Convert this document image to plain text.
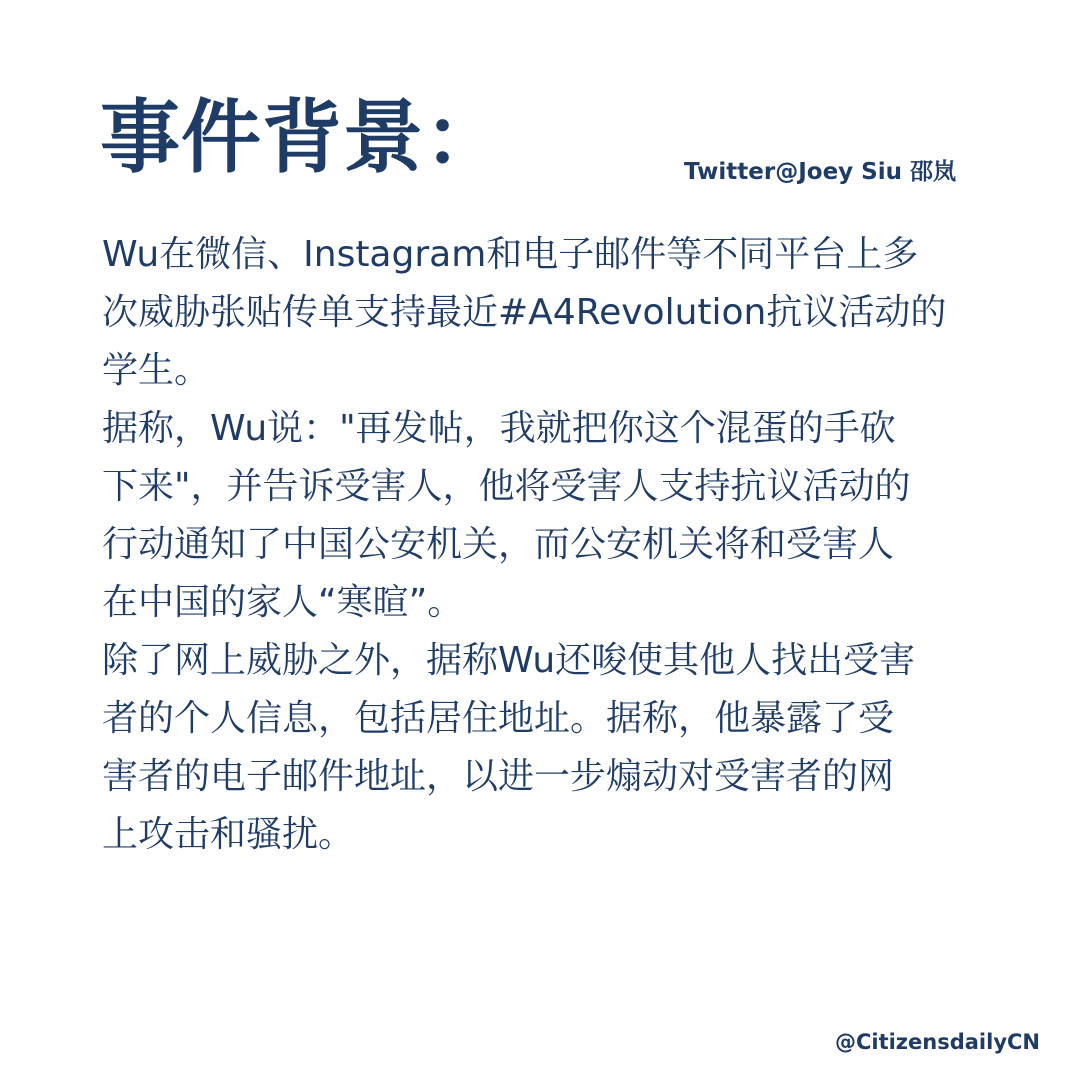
事件背景：	Twitter@Joey Siu 邵岚

Wu在微信、Instagram和电子邮件等不同平台上多
次威胁张贴传单支持最近#A4Revolution抗议活动的
学生。

据称，Wu说："再发帖，我就把你这个混蛋的手砍
下来"，并告诉受害人，他将受害人支持抗议活动的
行动通知了中国公安机关，而公安机关将和受害人
在中国的家人“寒暄”。

除了网上威胁之外，据称Wu还唆使其他人找出受害
者的个人信息，包括居住地址。据称，他暴露了受
害者的电子邮件地址，以进一步煽动对受害者的网
上攻击和骚扰。

@CitizensdailyCN
